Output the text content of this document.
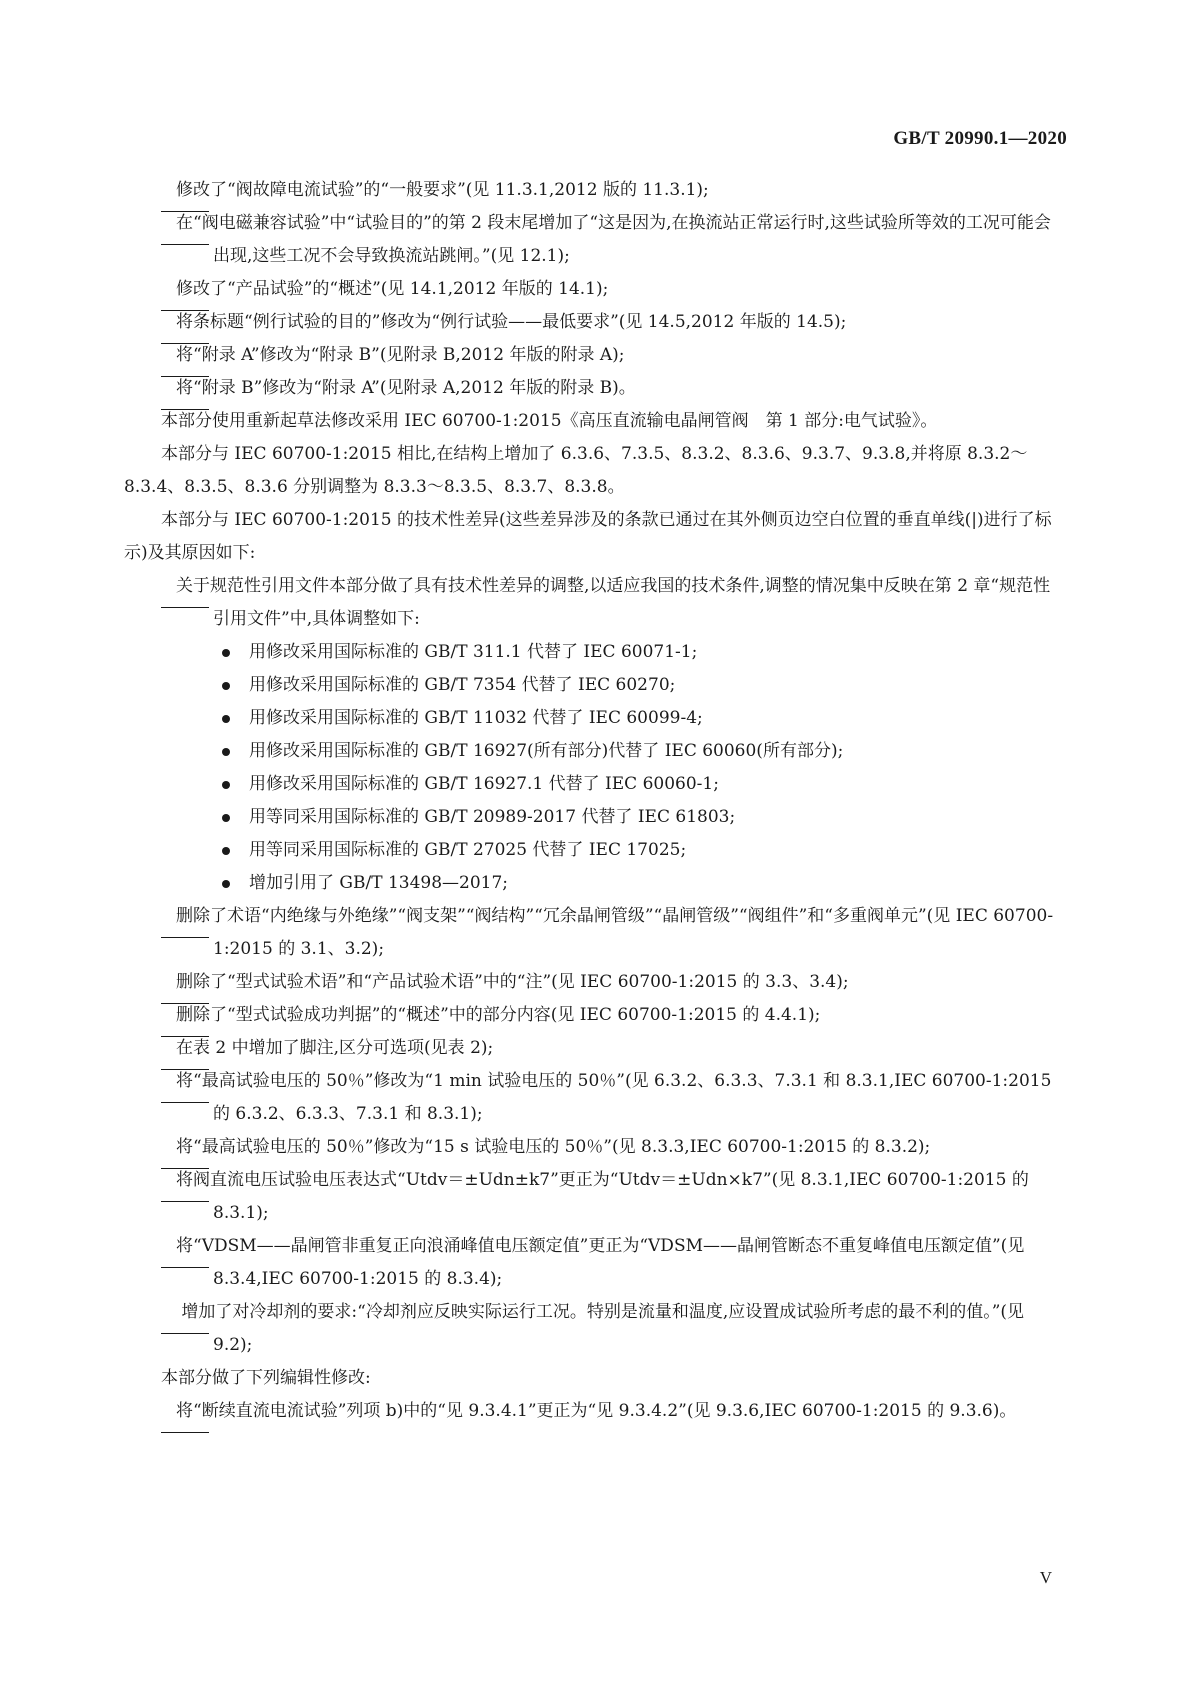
GB/T 20990.1—2020
修改了“阀故障电流试验”的“一般要求”(见 11.3.1,2012 版的 11.3.1);
在“阀电磁兼容试验”中“试验目的”的第 2 段末尾增加了“这是因为,在换流站正常运行时,这些试验所等效的工况可能会出现,这些工况不会导致换流站跳闸。”(见 12.1);
修改了“产品试验”的“概述”(见 14.1,2012 年版的 14.1);
将条标题“例行试验的目的”修改为“例行试验——最低要求”(见 14.5,2012 年版的 14.5);
将“附录 A”修改为“附录 B”(见附录 B,2012 年版的附录 A);
将“附录 B”修改为“附录 A”(见附录 A,2012 年版的附录 B)。
本部分使用重新起草法修改采用 IEC 60700-1:2015《高压直流输电晶闸管阀　第 1 部分:电气试验》。
本部分与 IEC 60700-1:2015 相比,在结构上增加了 6.3.6、7.3.5、8.3.2、8.3.6、9.3.7、9.3.8,并将原 8.3.2～8.3.4、8.3.5、8.3.6 分别调整为 8.3.3～8.3.5、8.3.7、8.3.8。
本部分与 IEC 60700-1:2015 的技术性差异(这些差异涉及的条款已通过在其外侧页边空白位置的垂直单线(|)进行了标示)及其原因如下:
关于规范性引用文件本部分做了具有技术性差异的调整,以适应我国的技术条件,调整的情况集中反映在第 2 章“规范性引用文件”中,具体调整如下:
用修改采用国际标准的 GB/T 311.1 代替了 IEC 60071-1;
用修改采用国际标准的 GB/T 7354 代替了 IEC 60270;
用修改采用国际标准的 GB/T 11032 代替了 IEC 60099-4;
用修改采用国际标准的 GB/T 16927(所有部分)代替了 IEC 60060(所有部分);
用修改采用国际标准的 GB/T 16927.1 代替了 IEC 60060-1;
用等同采用国际标准的 GB/T 20989-2017 代替了 IEC 61803;
用等同采用国际标准的 GB/T 27025 代替了 IEC 17025;
增加引用了 GB/T 13498—2017;
删除了术语“内绝缘与外绝缘”“阀支架”“阀结构”“冗余晶闸管级”“晶闸管级”“阀组件”和“多重阀单元”(见 IEC 60700-1:2015 的 3.1、3.2);
删除了“型式试验术语”和“产品试验术语”中的“注”(见 IEC 60700-1:2015 的 3.3、3.4);
删除了“型式试验成功判据”的“概述”中的部分内容(见 IEC 60700-1:2015 的 4.4.1);
在表 2 中增加了脚注,区分可选项(见表 2);
将“最高试验电压的 50％”修改为“1 min 试验电压的 50％”(见 6.3.2、6.3.3、7.3.1 和 8.3.1,IEC 60700-1:2015 的 6.3.2、6.3.3、7.3.1 和 8.3.1);
将“最高试验电压的 50％”修改为“15 s 试验电压的 50％”(见 8.3.3,IEC 60700-1:2015 的 8.3.2);
将阀直流电压试验电压表达式“Utdv＝±Udn±k7”更正为“Utdv＝±Udn×k7”(见 8.3.1,IEC 60700-1:2015 的 8.3.1);
将“VDSM——晶闸管非重复正向浪涌峰值电压额定值”更正为“VDSM——晶闸管断态不重复峰值电压额定值”(见 8.3.4,IEC 60700-1:2015 的 8.3.4);
增加了对冷却剂的要求:“冷却剂应反映实际运行工况。特别是流量和温度,应设置成试验所考虑的最不利的值。”(见 9.2);
本部分做了下列编辑性修改:
将“断续直流电流试验”列项 b)中的“见 9.3.4.1”更正为“见 9.3.4.2”(见 9.3.6,IEC 60700-1:2015 的 9.3.6)。
V
